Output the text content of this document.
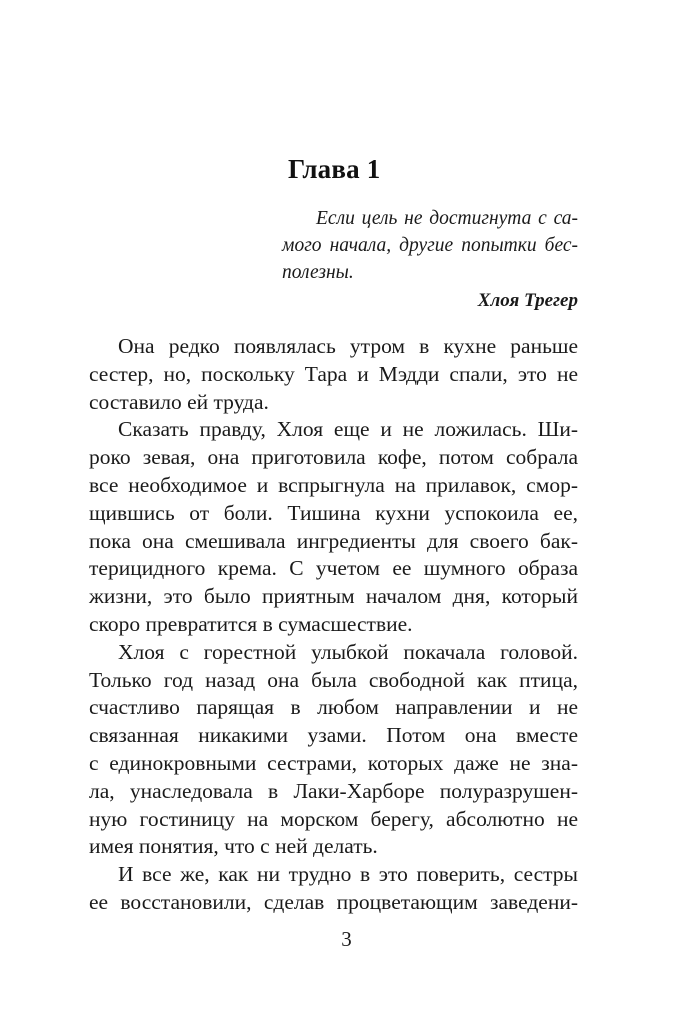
Глава 1
Если цель не достигнута с са-
мого начала, другие попытки бес-
полезны.
Хлоя Трегер
Она редко появлялась утром в кухне раньше
сестер, но, поскольку Тара и Мэдди спали, это не
составило ей труда.
Сказать правду, Хлоя еще и не ложилась. Ши-
роко зевая, она приготовила кофе, потом собрала
все необходимое и вспрыгнула на прилавок, смор-
щившись от боли. Тишина кухни успокоила ее,
пока она смешивала ингредиенты для своего бак-
терицидного крема. С учетом ее шумного образа
жизни, это было приятным началом дня, который
скоро превратится в сумасшествие.
Хлоя с горестной улыбкой покачала головой.
Только год назад она была свободной как птица,
счастливо парящая в любом направлении и не
связанная никакими узами. Потом она вместе
с единокровными сестрами, которых даже не зна-
ла, унаследовала в Лаки-Харборе полуразрушен-
ную гостиницу на морском берегу, абсолютно не
имея понятия, что с ней делать.
И все же, как ни трудно в это поверить, сестры
ее восстановили, сделав процветающим заведени-
3
